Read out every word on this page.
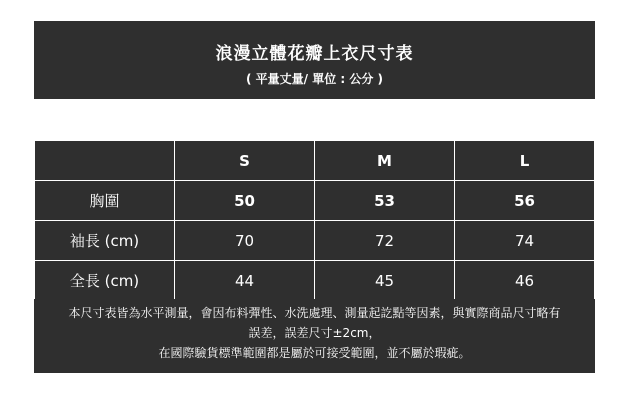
浪漫立體花瓣上衣尺寸表
( 平量丈量/ 單位 : 公分 )
	S	M	L
胸圍	50	53	56
袖長 (cm)	70	72	74
全長 (cm)	44	45	46
本尺寸表皆為水平測量，會因布料彈性、水洗處理、測量起訖點等因素，與實際商品尺寸略有
誤差，誤差尺寸±2cm，
在國際驗貨標準範圍都是屬於可接受範圍，並不屬於瑕疵。
